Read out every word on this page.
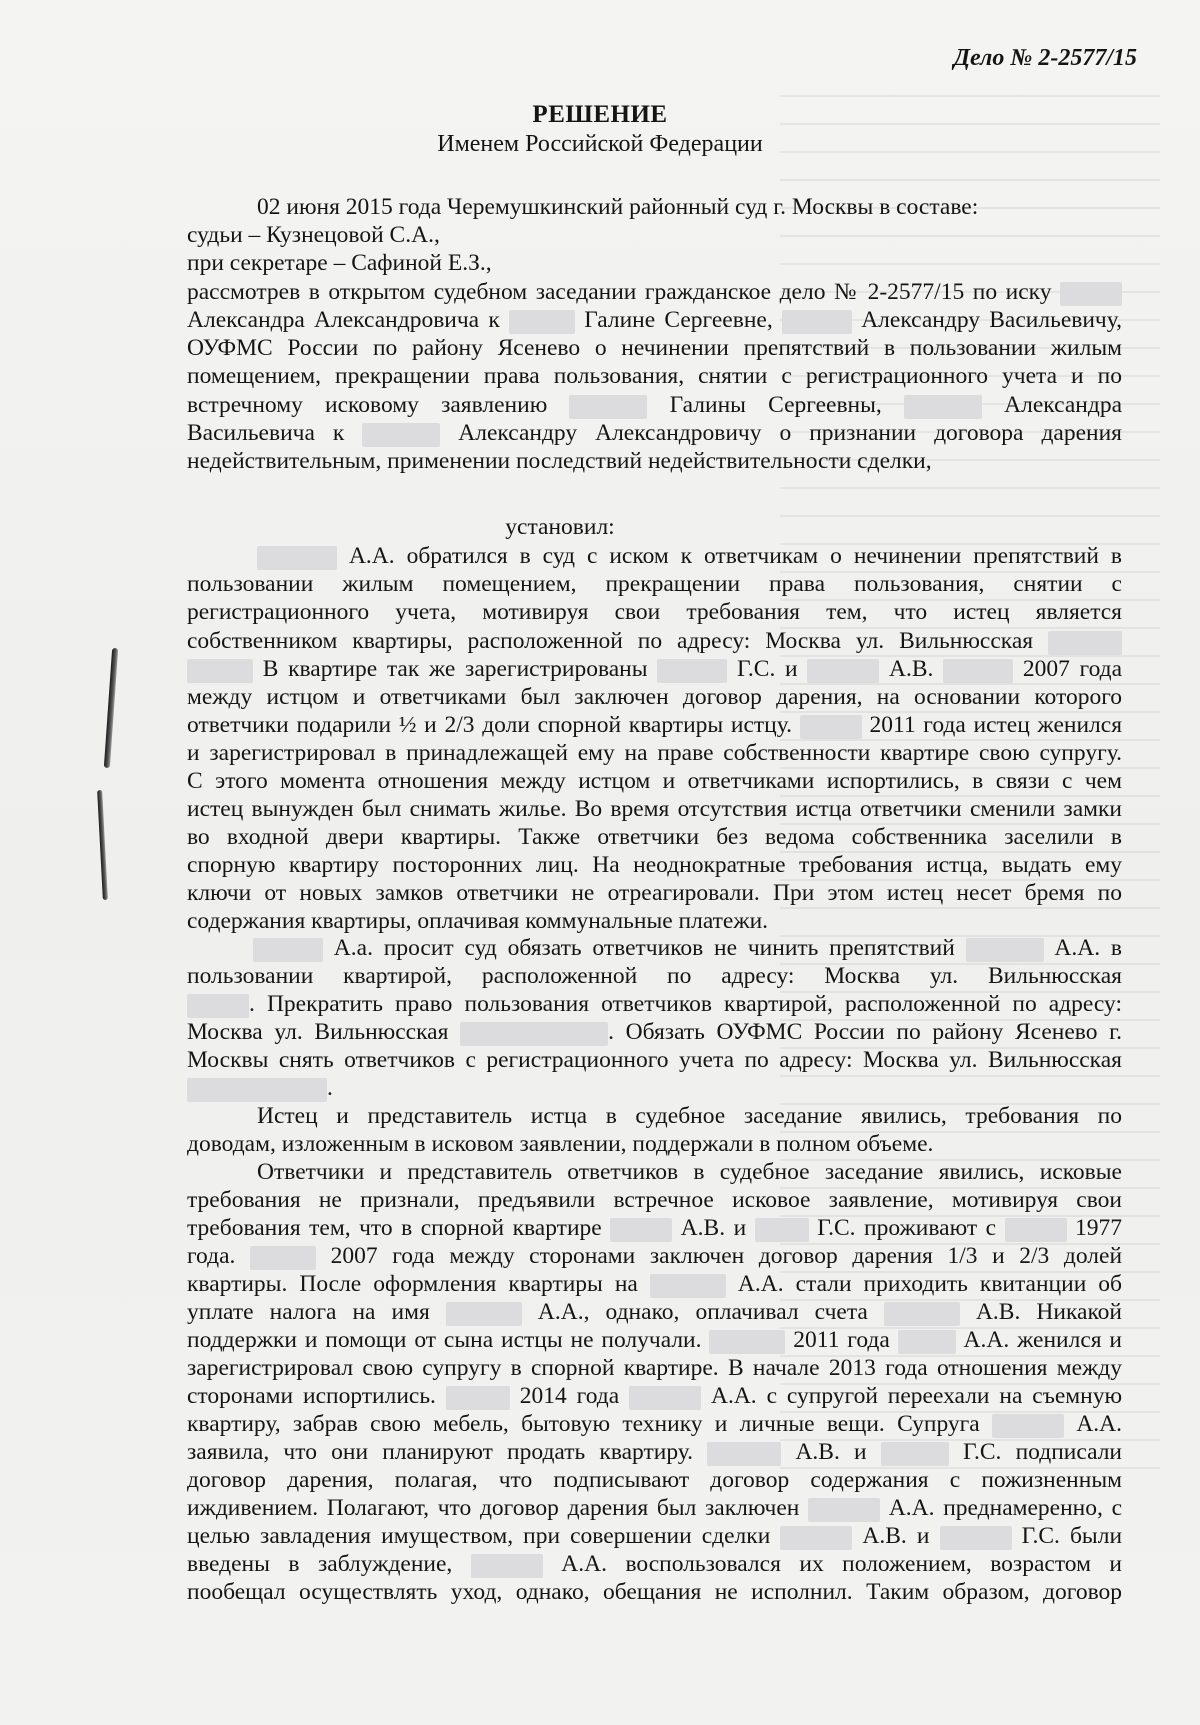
Дело № 2-2577/15
РЕШЕНИЕ
Именем Российской Федерации
02 июня 2015 года Черемушкинский районный суд г. Москвы в составе:
судьи – Кузнецовой С.А.,
при секретаре – Сафиной Е.З.,
рассмотрев в открытом судебном заседании гражданское дело № 2-2577/15 по иску
Александра Александровича к	Галине Сергеевне,	Александру Васильевичу,
ОУФМС России по району Ясенево о нечинении препятствий в пользовании жилым
помещением, прекращении права пользования, снятии с регистрационного учета и по
встречному исковому заявлению	Галины Сергеевны,	Александра
Васильевича к	Александру Александровичу о признании договора дарения
недействительным, применении последствий недействительности сделки,
установил:
А.А. обратился в суд с иском к ответчикам о нечинении препятствий в
пользовании жилым помещением, прекращении права пользования, снятии с
регистрационного учета, мотивируя свои требования тем, что истец является
собственником квартиры, расположенной по адресу: Москва ул. Вильнюсская
В квартире так же зарегистрированы	Г.С. и	А.В.	2007 года
между истцом и ответчиками был заключен договор дарения, на основании которого
ответчики подарили ½ и 2/3 доли спорной квартиры истцу.	2011 года истец женился
и зарегистрировал в принадлежащей ему на праве собственности квартире свою супругу.
С этого момента отношения между истцом и ответчиками испортились, в связи с чем
истец вынужден был снимать жилье. Во время отсутствия истца ответчики сменили замки
во входной двери квартиры. Также ответчики без ведома собственника заселили в
спорную квартиру посторонних лиц. На неоднократные требования истца, выдать ему
ключи от новых замков ответчики не отреагировали. При этом истец несет бремя по
содержания квартиры, оплачивая коммунальные платежи.
А.а. просит суд обязать ответчиков не чинить препятствий	А.А. в
пользовании квартирой, расположенной по адресу: Москва ул. Вильнюсская
. Прекратить право пользования ответчиков квартирой, расположенной по адресу:
Москва ул. Вильнюсская	. Обязать ОУФМС России по району Ясенево г.
Москвы снять ответчиков с регистрационного учета по адресу: Москва ул. Вильнюсская
.
Истец и представитель истца в судебное заседание явились, требования по
доводам, изложенным в исковом заявлении, поддержали в полном объеме.
Ответчики и представитель ответчиков в судебное заседание явились, исковые
требования не признали, предъявили встречное исковое заявление, мотивируя свои
требования тем, что в спорной квартире	А.В. и	Г.С. проживают с	1977
года.	2007 года между сторонами заключен договор дарения 1/3 и 2/3 долей
квартиры. После оформления квартиры на	А.А. стали приходить квитанции об
уплате налога на имя	А.А., однако, оплачивал счета	А.В. Никакой
поддержки и помощи от сына истцы не получали.	2011 года	А.А. женился и
зарегистрировал свою супругу в спорной квартире. В начале 2013 года отношения между
сторонами испортились.	2014 года	А.А. с супругой переехали на съемную
квартиру, забрав свою мебель, бытовую технику и личные вещи. Супруга	А.А.
заявила, что они планируют продать квартиру.	А.В. и	Г.С. подписали
договор дарения, полагая, что подписывают договор содержания с пожизненным
иждивением. Полагают, что договор дарения был заключен	А.А. преднамеренно, с
целью завладения имуществом, при совершении сделки	А.В. и	Г.С. были
введены в заблуждение,	А.А. воспользовался их положением, возрастом и
пообещал осуществлять уход, однако, обещания не исполнил. Таким образом, договор
